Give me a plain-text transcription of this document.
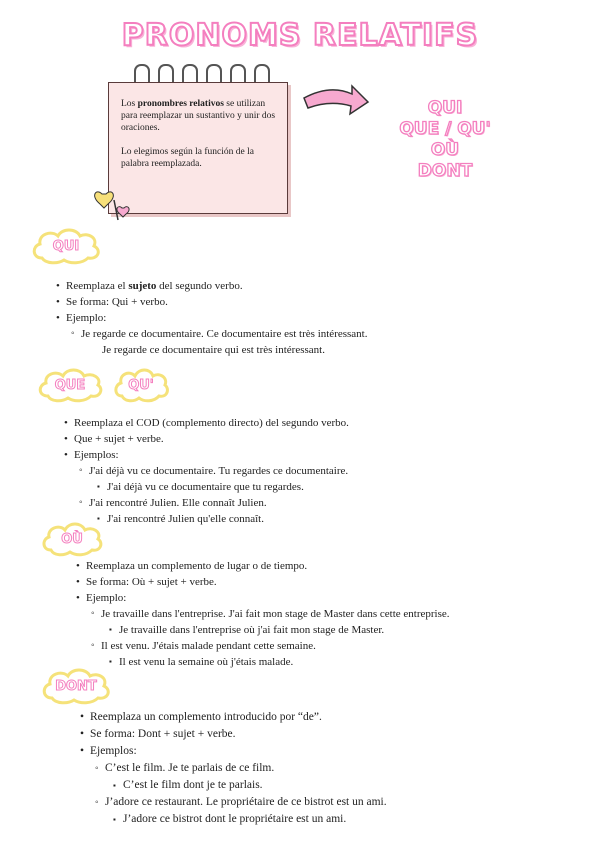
PRONOMS RELATIFS

Los pronombres relativos se utilizan para reemplazar un sustantivo y unir dos oraciones.

Lo elegimos según la función de la palabra reemplazada.

QUI
QUE / QU'
OÙ
DONT
QUI
• Reemplaza el sujeto del segundo verbo.
• Se forma: Qui + verbo.
• Ejemplo:
◦ Je regarde ce documentaire. Ce documentaire est très intéressant.
Je regarde ce documentaire qui est très intéressant.
QUE	QU'
• Reemplaza el COD (complemento directo) del segundo verbo.
• Que + sujet + verbe.
• Ejemplos:
◦ J'ai déjà vu ce documentaire. Tu regardes ce documentaire.
▪ J'ai déjà vu ce documentaire que tu regardes.
◦ J'ai rencontré Julien. Elle connaît Julien.
▪ J'ai rencontré Julien qu'elle connaît.
OÙ
• Reemplaza un complemento de lugar o de tiempo.
• Se forma: Où + sujet + verbe.
• Ejemplo:
◦ Je travaille dans l'entreprise. J'ai fait mon stage de Master dans cette entreprise.
▪ Je travaille dans l'entreprise où j'ai fait mon stage de Master.
◦ Il est venu. J'étais malade pendant cette semaine.
▪ Il est venu la semaine où j'étais malade.
DONT
• Reemplaza un complemento introducido por “de”.
• Se forma: Dont + sujet + verbe.
• Ejemplos:
◦ C’est le film. Je te parlais de ce film.
▪ C’est le film dont je te parlais.
◦ J’adore ce restaurant. Le propriétaire de ce bistrot est un ami.
▪ J’adore ce bistrot dont le propriétaire est un ami.
